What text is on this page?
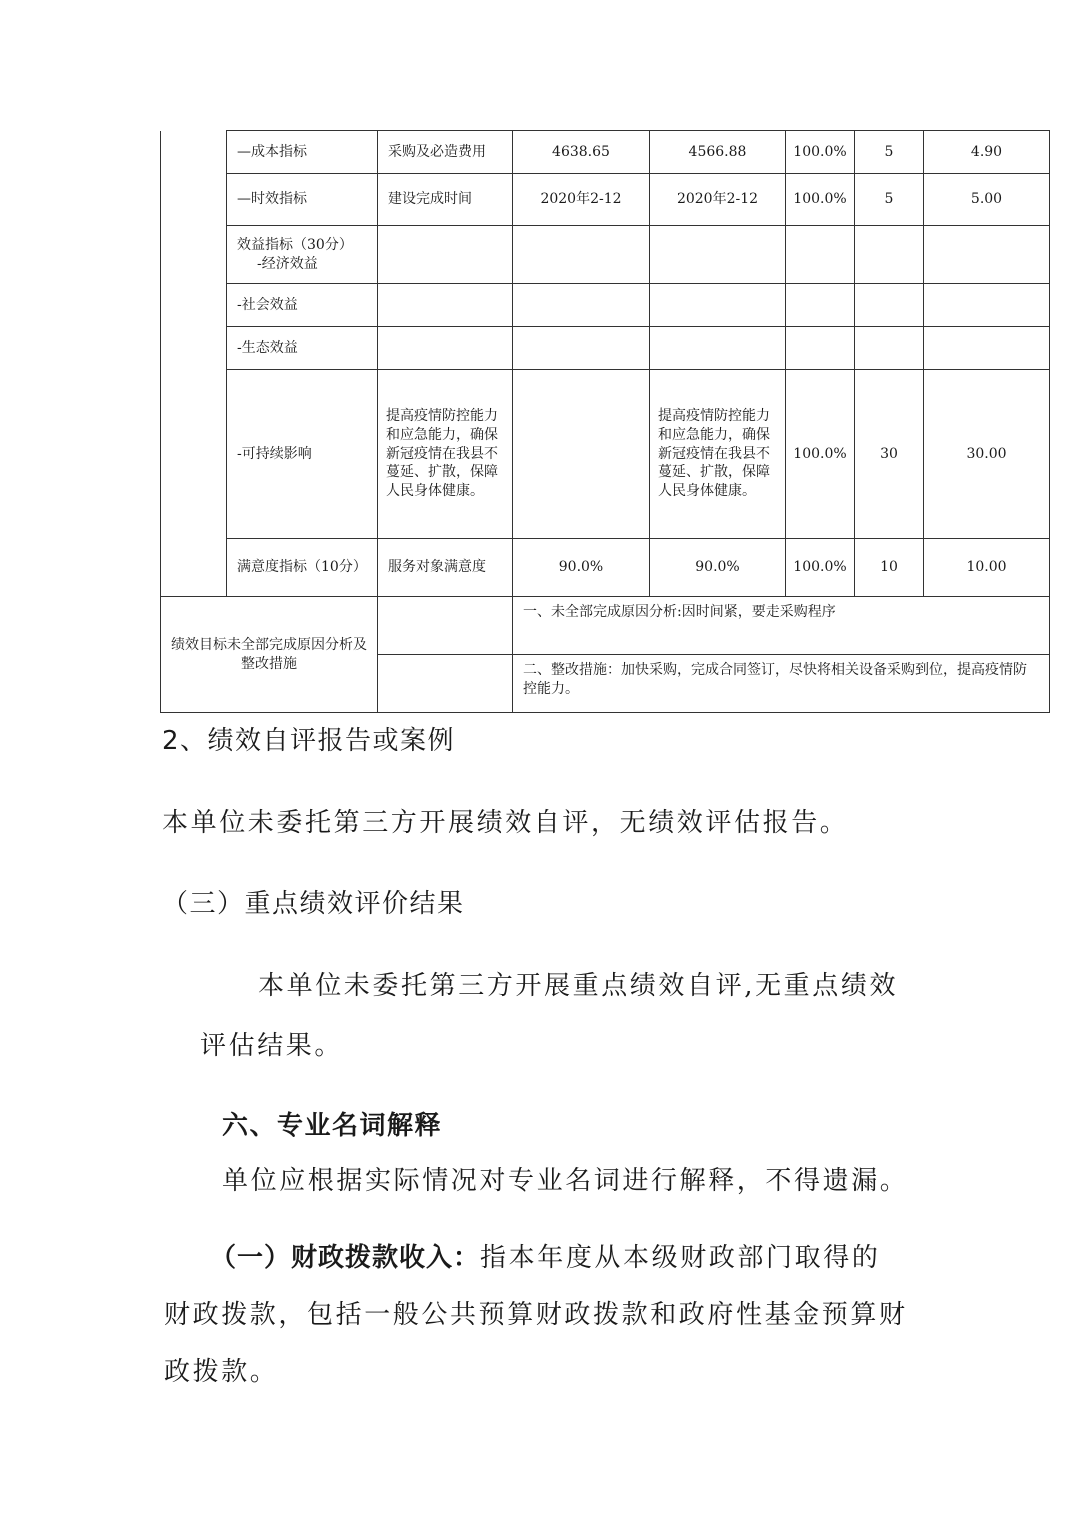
	—成本指标	采购及必造费用	4638.65	4566.88	100.0%	5	4.90
	—时效指标	建设完成时间	2020年2-12	2020年2-12	100.0%	5	5.00

	效益指标（30分）
-经济效益						

	-社会效益						
	-生态效益						
	-可持续影响	提高疫情防控能力和应急能力，确保新冠疫情在我县不蔓延、扩散，保障人民身体健康。		提高疫情防控能力和应急能力，确保新冠疫情在我县不蔓延、扩散，保障人民身体健康。	100.0%	30	30.00
	满意度指标（10分）	服务对象满意度	90.0%	90.0%	100.0%	10	10.00

绩效目标未全部完成原因分析及整改措施			一、未全部完成原因分析:因时间紧，要走采购程序				
			二、整改措施：加快采购，完成合同签订，尽快将相关设备采购到位，提高疫情防控能力。				
2、绩效自评报告或案例
本单位未委托第三方开展绩效自评，无绩效评估报告。
（三）重点绩效评价结果
本单位未委托第三方开展重点绩效自评,无重点绩效
评估结果。
六、专业名词解释
单位应根据实际情况对专业名词进行解释，不得遗漏。
（一）财政拨款收入：指本年度从本级财政部门取得的
财政拨款，包括一般公共预算财政拨款和政府性基金预算财
政拨款。
